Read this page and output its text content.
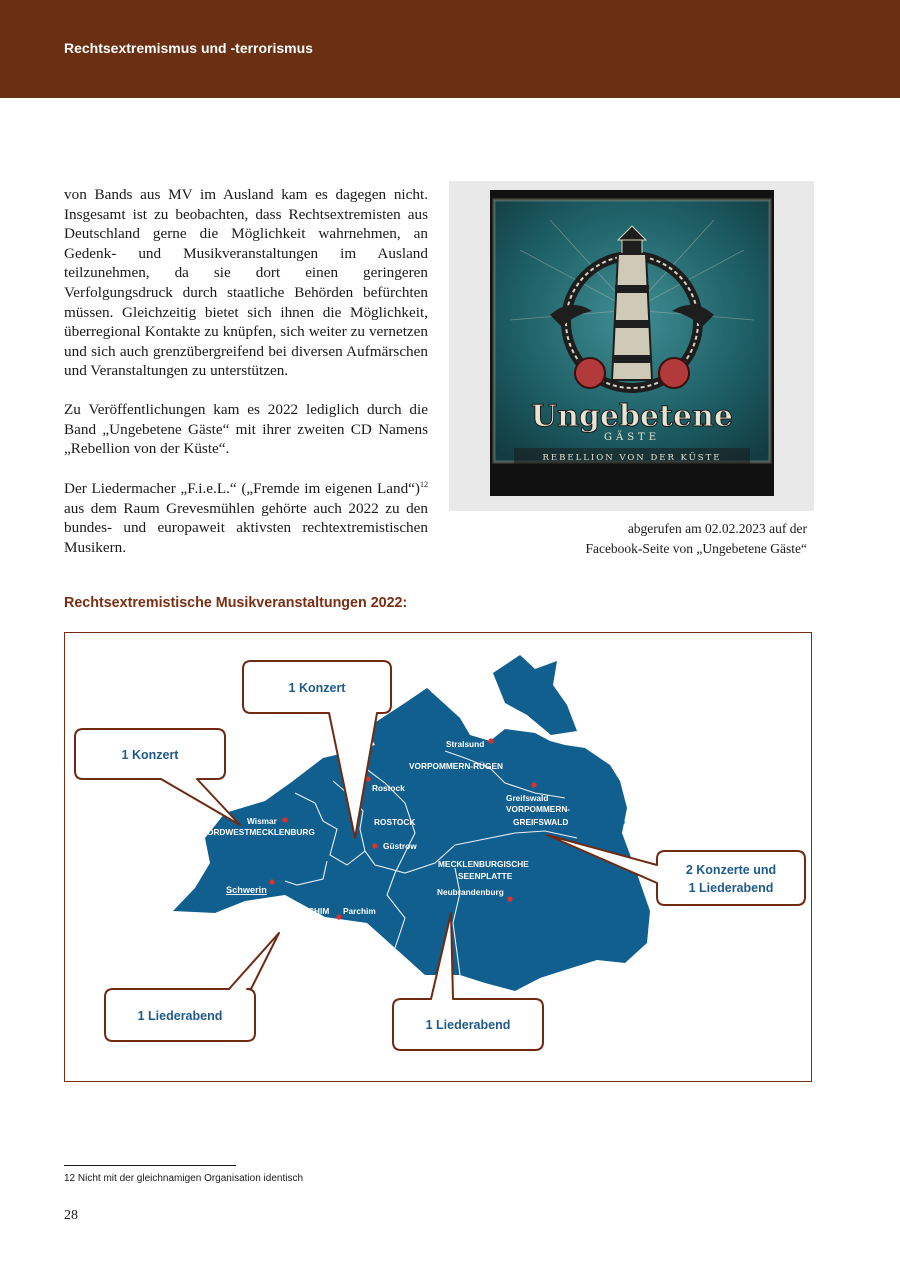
Rechtsextremismus und -terrorismus
von Bands aus MV im Ausland kam es dagegen nicht. Insgesamt ist zu beobachten, dass Rechtsextremisten aus Deutschland gerne die Möglichkeit wahrnehmen, an Gedenk- und Musikveranstaltungen im Ausland teilzunehmen, da sie dort einen geringeren Verfolgungsdruck durch staatliche Behörden befürchten müssen. Gleichzeitig bietet sich ihnen die Möglichkeit, überregional Kontakte zu knüpfen, sich weiter zu vernetzen und sich auch grenzübergreifend bei diversen Aufmärschen und Veranstaltungen zu unterstützen.
Zu Veröffentlichungen kam es 2022 lediglich durch die Band „Ungebetene Gäste“ mit ihrer zweiten CD Namens „Rebellion von der Küste“.
Der Liedermacher „F.i.e.L.“ („Fremde im eigenen Land“)$^{12}$ aus dem Raum Grevesmühlen gehörte auch 2022 zu den bundes- und europaweit aktivsten rechtextremistischen Musikern.
Ungebetene
GÄSTE
REBELLION VON DER KÜSTE
abgerufen am 02.02.2023 auf der
Facebook-Seite von „Ungebetene Gäste“
Rechtsextremistische Musikveranstaltungen 2022:
Stralsund
Rostock
Greifswald
Wismar
Güstrow
Schwerin
Parchim
Neubrandenburg
VORPOMMERN-RÜGEN
VORPOMMERN-
GREIFSWALD
NORDWESTMECKLENBURG
ROSTOCK
MECKLENBURGISCHE
SEENPLATTE
LUDWIGSLUST-PARCHIM
1 Konzert
1 Konzert
2 Konzerte und
1 Liederabend
1 Liederabend
1 Liederabend
12 Nicht mit der gleichnamigen Organisation identisch
28
